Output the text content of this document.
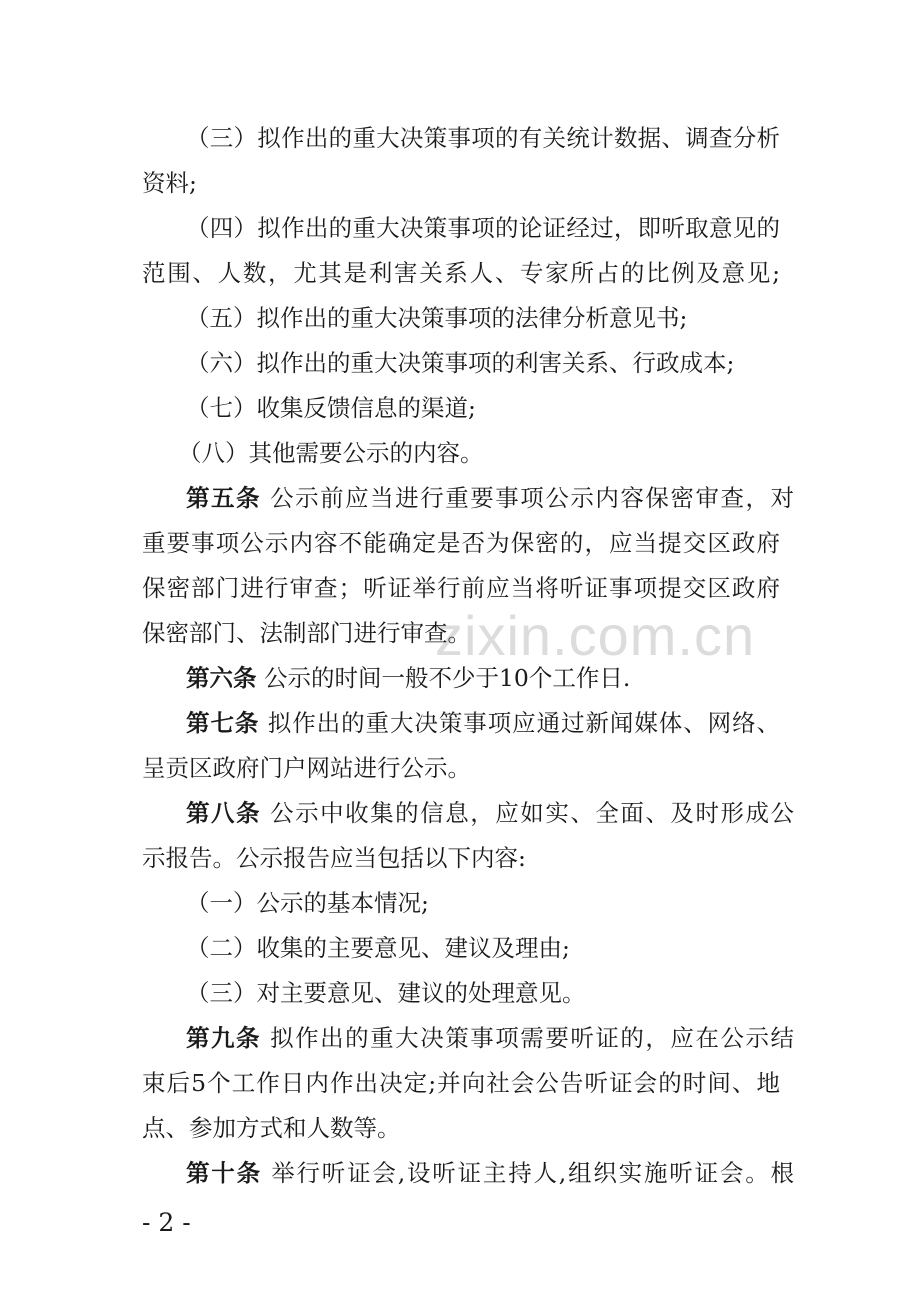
zixin.com.cn

（三）拟作出的重大决策事项的有关统计数据、调查分析

资料;

（四）拟作出的重大决策事项的论证经过，即听取意见的

范围、人数，尤其是利害关系人、专家所占的比例及意见;

（五）拟作出的重大决策事项的法律分析意见书;

（六）拟作出的重大决策事项的利害关系、行政成本;

（七）收集反馈信息的渠道;

（八）其他需要公示的内容。

第五条 公示前应当进行重要事项公示内容保密审查，对

重要事项公示内容不能确定是否为保密的，应当提交区政府

保密部门进行审查；听证举行前应当将听证事项提交区政府

保密部门、法制部门进行审查。

第六条 公示的时间一般不少于10个工作日.

第七条 拟作出的重大决策事项应通过新闻媒体、网络、

呈贡区政府门户网站进行公示。

第八条 公示中收集的信息，应如实、全面、及时形成公

示报告。公示报告应当包括以下内容:

（一）公示的基本情况;

（二）收集的主要意见、建议及理由;

（三）对主要意见、建议的处理意见。

第九条 拟作出的重大决策事项需要听证的，应在公示结

束后5个工作日内作出决定;并向社会公告听证会的时间、地

点、参加方式和人数等。

第十条 举行听证会,设听证主持人,组织实施听证会。根

- 2 -
